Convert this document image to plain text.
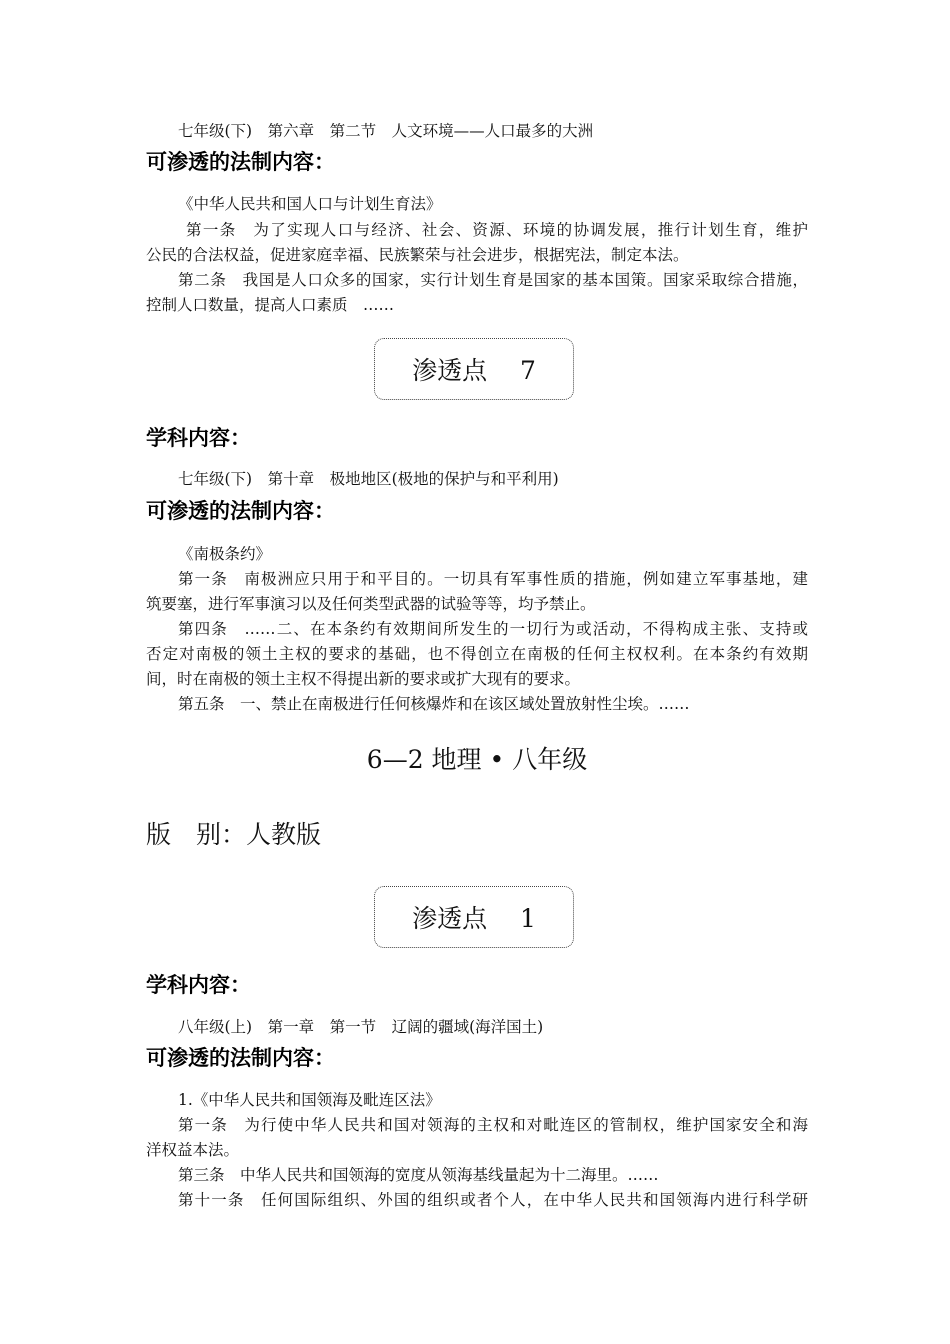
七年级(下)　第六章　第二节　人文环境——人口最多的大洲
可渗透的法制内容：
《中华人民共和国人口与计划生育法》
第一条　为了实现人口与经济、社会、资源、环境的协调发展，推行计划生育，维护
公民的合法权益，促进家庭幸福、民族繁荣与社会进步，根据宪法，制定本法。
第二条　我国是人口众多的国家，实行计划生育是国家的基本国策。国家采取综合措施，
控制人口数量，提高人口素质　……
渗透点　 7
学科内容：
七年级(下)　第十章　极地地区(极地的保护与和平利用)
可渗透的法制内容：
《南极条约》
第一条　南极洲应只用于和平目的。一切具有军事性质的措施，例如建立军事基地，建
筑要塞，进行军事演习以及任何类型武器的试验等等，均予禁止。
第四条　……二、在本条约有效期间所发生的一切行为或活动，不得构成主张、支持或
否定对南极的领土主权的要求的基础，也不得创立在南极的任何主权权利。在本条约有效期
间，时在南极的领土主权不得提出新的要求或扩大现有的要求。
第五条　一、禁止在南极进行任何核爆炸和在该区域处置放射性尘埃。……
6—2 地理 • 八年级
版　别：人教版
渗透点　 1
学科内容：
八年级(上)　第一章　第一节　辽阔的疆域(海洋国土)
可渗透的法制内容：
1.《中华人民共和国领海及毗连区法》
第一条　为行使中华人民共和国对领海的主权和对毗连区的管制权，维护国家安全和海
洋权益本法。
第三条　中华人民共和国领海的宽度从领海基线量起为十二海里。……
第十一条　任何国际组织、外国的组织或者个人，在中华人民共和国领海内进行科学研
